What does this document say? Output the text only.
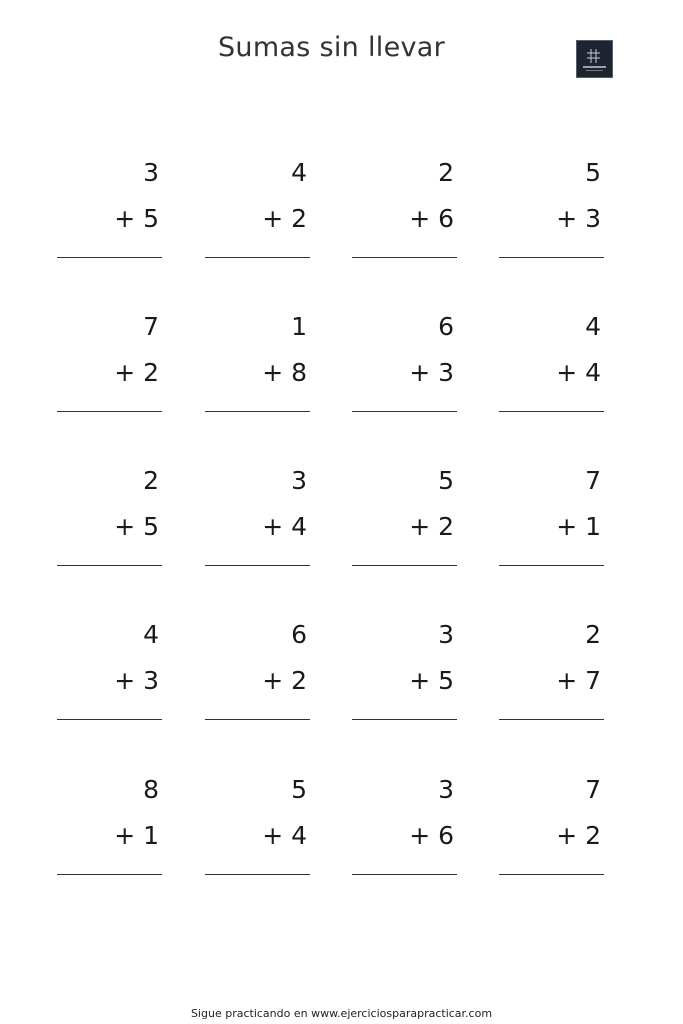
Sumas sin llevar
3
+ 5
4
+ 2
2
+ 6
5
+ 3
7
+ 2
1
+ 8
6
+ 3
4
+ 4
2
+ 5
3
+ 4
5
+ 2
7
+ 1
4
+ 3
6
+ 2
3
+ 5
2
+ 7
8
+ 1
5
+ 4
3
+ 6
7
+ 2
Sigue practicando en www.ejerciciosparapracticar.com
